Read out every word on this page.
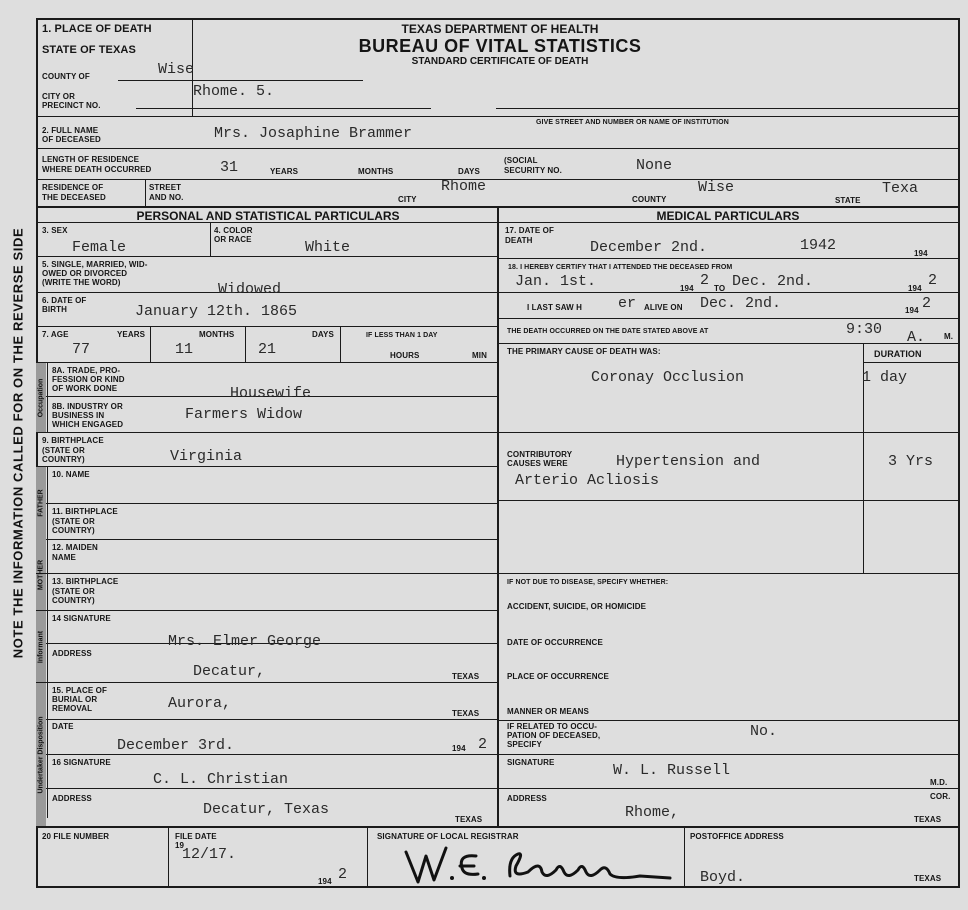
NOTE THE INFORMATION CALLED FOR ON THE REVERSE SIDE Occupation
FATHER
MOTHER
Informant
Undertaker Disposition
TEXAS DEPARTMENT OF HEALTH
BUREAU OF VITAL STATISTICS
STANDARD CERTIFICATE OF DEATH
1. PLACE OF DEATH
STATE OF TEXAS
COUNTY OF	Wise
CITY OR
PRECINCT NO.
Rhome. 5.
GIVE STREET AND NUMBER OR NAME OF INSTITUTION
2. FULL NAME
OF DECEASED	Mrs. Josaphine Brammer
LENGTH OF RESIDENCE
WHERE DEATH OCCURRED	31	YEARS	MONTHS	DAYS
(SOCIAL
SECURITY NO.	None
RESIDENCE OF
THE DECEASED
STREET
AND NO.	CITY
Rhome
COUNTY
Wise
STATE
Texa
PERSONAL AND STATISTICAL PARTICULARS	MEDICAL PARTICULARS
3. SEX
Female
4. COLOR
OR RACE	White
5. SINGLE, MARRIED, WID-
OWED OR DIVORCED
(WRITE THE WORD)	Widowed
6. DATE OF
BIRTH	January 12th. 1865
7. AGE	YEARS	MONTHS	DAYS
77	11	21
IF LESS THAN 1 DAY
HOURS	MIN
8A. TRADE, PRO-
FESSION OR KIND
OF WORK DONE	Housewife
8B. INDUSTRY OR
BUSINESS IN
WHICH ENGAGED
Farmers Widow
9. BIRTHPLACE
(STATE OR
COUNTRY)	Virginia
10. NAME
11. BIRTHPLACE
(STATE OR
COUNTRY)
12. MAIDEN
NAME
13. BIRTHPLACE
(STATE OR
COUNTRY)
14 SIGNATURE
Mrs. Elmer George
ADDRESS
Decatur,	TEXAS
15. PLACE OF
BURIAL OR
REMOVAL	Aurora,
TEXAS
DATE
December 3rd.	194 2
16 SIGNATURE
C. L. Christian
ADDRESS
Decatur, Texas
TEXAS
17. DATE OF
DEATH	December 2nd.	1942	194
18. I HEREBY CERTIFY THAT I ATTENDED THE DECEASED FROM
Jan. 1st.	194 2 TO Dec. 2nd.	194 2
I LAST SAW H er ALIVE ON Dec. 2nd.	194 2
THE DEATH OCCURRED ON THE DATE STATED ABOVE AT	9:30 A. M.
THE PRIMARY CAUSE OF DEATH WAS:	DURATION
Coronay Occlusion	1 day
CONTRIBUTORY
CAUSES WERE	Hypertension and
Arterio Acliosis
3 Yrs
IF NOT DUE TO DISEASE, SPECIFY WHETHER:
ACCIDENT, SUICIDE, OR HOMICIDE
DATE OF OCCURRENCE
PLACE OF OCCURRENCE
MANNER OR MEANS
IF RELATED TO OCCU-
PATION OF DECEASED,
SPECIFY
No.
SIGNATURE	W. L. Russell
M.D.
COR.
ADDRESS
Rhome,	TEXAS
20 FILE NUMBER	FILE DATE
19
12/17.
194 2
SIGNATURE OF LOCAL REGISTRAR	POSTOFFICE ADDRESS
Boyd.	TEXAS
